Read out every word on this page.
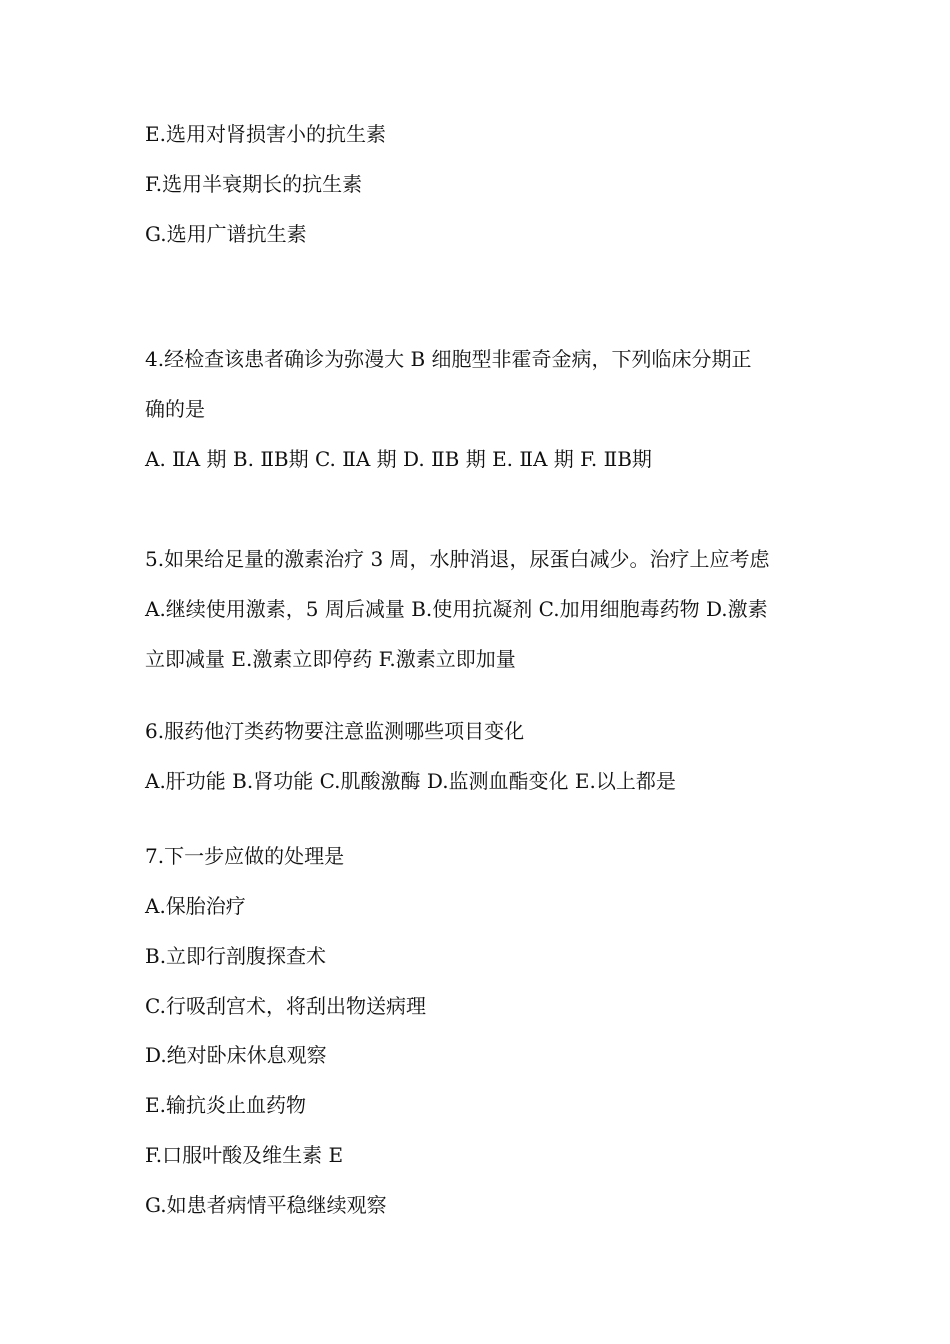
E.选用对肾损害小的抗生素
F.选用半衰期长的抗生素
G.选用广谱抗生素
4.经检查该患者确诊为弥漫大 B 细胞型非霍奇金病，下列临床分期正
确的是
A. ⅡA 期 B. ⅡB期 C. ⅡA 期 D. ⅡB 期 E. ⅡA 期 F. ⅡB期
5.如果给足量的激素治疗 3 周，水肿消退，尿蛋白减少。治疗上应考虑
A.继续使用激素，5 周后减量 B.使用抗凝剂 C.加用细胞毒药物 D.激素
立即减量 E.激素立即停药 F.激素立即加量
6.服药他汀类药物要注意监测哪些项目变化
A.肝功能 B.肾功能 C.肌酸激酶 D.监测血酯变化 E.以上都是
7.下一步应做的处理是
A.保胎治疗
B.立即行剖腹探查术
C.行吸刮宫术，将刮出物送病理
D.绝对卧床休息观察
E.输抗炎止血药物
F.口服叶酸及维生素 E
G.如患者病情平稳继续观察
